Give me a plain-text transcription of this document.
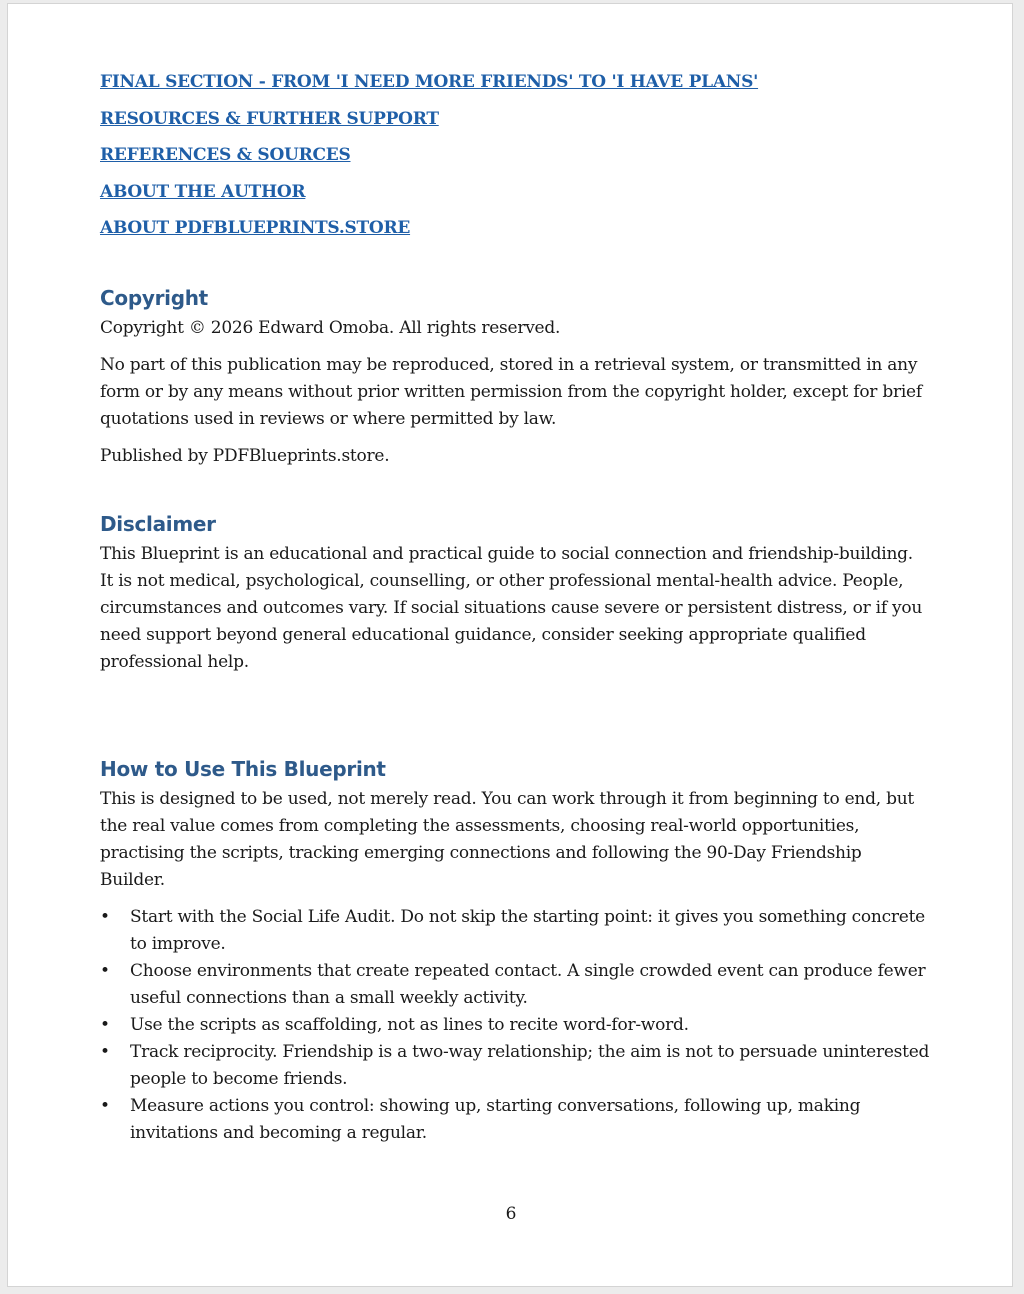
FINAL SECTION - FROM 'I NEED MORE FRIENDS' TO 'I HAVE PLANS'
RESOURCES & FURTHER SUPPORT
REFERENCES & SOURCES
ABOUT THE AUTHOR
ABOUT PDFBLUEPRINTS.STORE
Copyright

Copyright © 2026 Edward Omoba. All rights reserved.

No part of this publication may be reproduced, stored in a retrieval system, or transmitted in any form or by any means without prior written permission from the copyright holder, except for brief quotations used in reviews or where permitted by law.

Published by PDFBlueprints.store.

Disclaimer

This Blueprint is an educational and practical guide to social connection and friendship-building. It is not medical, psychological, counselling, or other professional mental-health advice. People, circumstances and outcomes vary. If social situations cause severe or persistent distress, or if you need support beyond general educational guidance, consider seeking appropriate qualified professional help.

How to Use This Blueprint

This is designed to be used, not merely read. You can work through it from beginning to end, but the real value comes from completing the assessments, choosing real-world opportunities, practising the scripts, tracking emerging connections and following the 90-Day Friendship Builder.

• Start with the Social Life Audit. Do not skip the starting point: it gives you something concrete to improve.
• Choose environments that create repeated contact. A single crowded event can produce fewer useful connections than a small weekly activity.
• Use the scripts as scaffolding, not as lines to recite word-for-word.
• Track reciprocity. Friendship is a two-way relationship; the aim is not to persuade uninterested people to become friends.
• Measure actions you control: showing up, starting conversations, following up, making invitations and becoming a regular.
6
